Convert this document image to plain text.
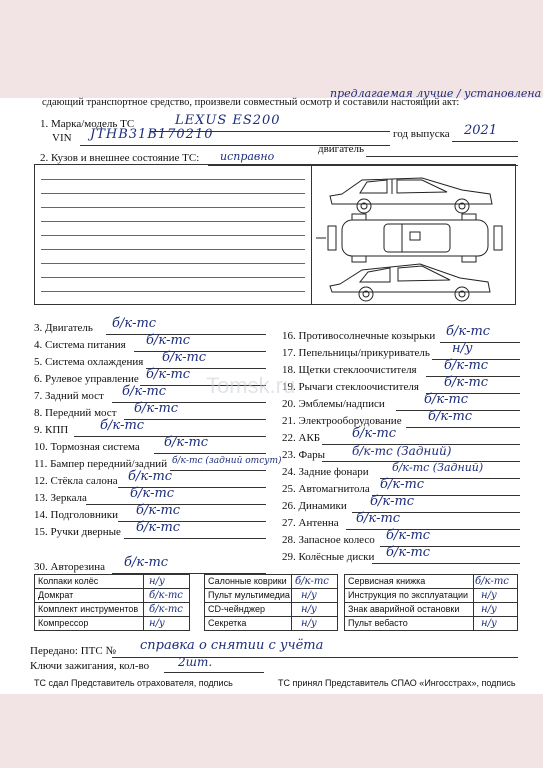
сдающий транспортное средство, произвели совместный осмотр и составили настоящий акт:
предлагаемая лучше / установлена
1. Марка/модель ТС	LEXUS ES200
VIN JTHB31B170210	год выпуска 2021
двигатель
2. Кузов и внешнее состояние ТС: исправно
3. Двигатель б/к-тс
4. Система питания б/к-тс
5. Система охлаждения б/к-тс
6. Рулевое управление б/к-тс
7. Задний мост б/к-тс
8. Передний мост б/к-тс
9. КПП б/к-тс
10. Тормозная система б/к-тс
11. Бампер передний/задний б/к-тс (задний отсут)
12. Стёкла салона б/к-тс
13. Зеркала	б/к-тс
14. Подголовники б/к-тс
15. Ручки дверные б/к-тс
16. Противосолнечные козырьки б/к-тс
17. Пепельницы/прикуриватель н/у
18. Щетки стеклоочистителя б/к-тс
19. Рычаги стеклоочистителя б/к-тс
20. Эмблемы/надписи	б/к-тс
21. Электрооборудование б/к-тс
22. АКБ б/к-тс
23. Фары б/к-тс (Задний)
24. Задние фонари б/к-тс (Задний)
25. Автомагнитола б/к-тс
26. Динамики б/к-тс
27. Антенна б/к-тс
28. Запасное колесо б/к-тс
29. Колёсные диски б/к-тс
30. Авторезина б/к-тс
Колпаки колёс	н/у
Домкрат	б/к-тс
Комплект инструментов б/к-тс
Компрессор	н/у
Салонные коврики б/к-тс
Пульт мультимедиа н/у
CD-чейнджер	н/у
Секретка	н/у
Сервисная книжка	б/к-тс
Инструкция по эксплуатации н/у
Знак аварийной остановки н/у
Пульт вебасто	н/у
Передано: ПТС № справка о снятии с учёта
Ключи зажигания, кол-во 2шт.
ТС сдал Представитель отрахователя, подпись	ТС принял Представитель СПАО «Ингосстрах», подпись
Tomsk.ru
